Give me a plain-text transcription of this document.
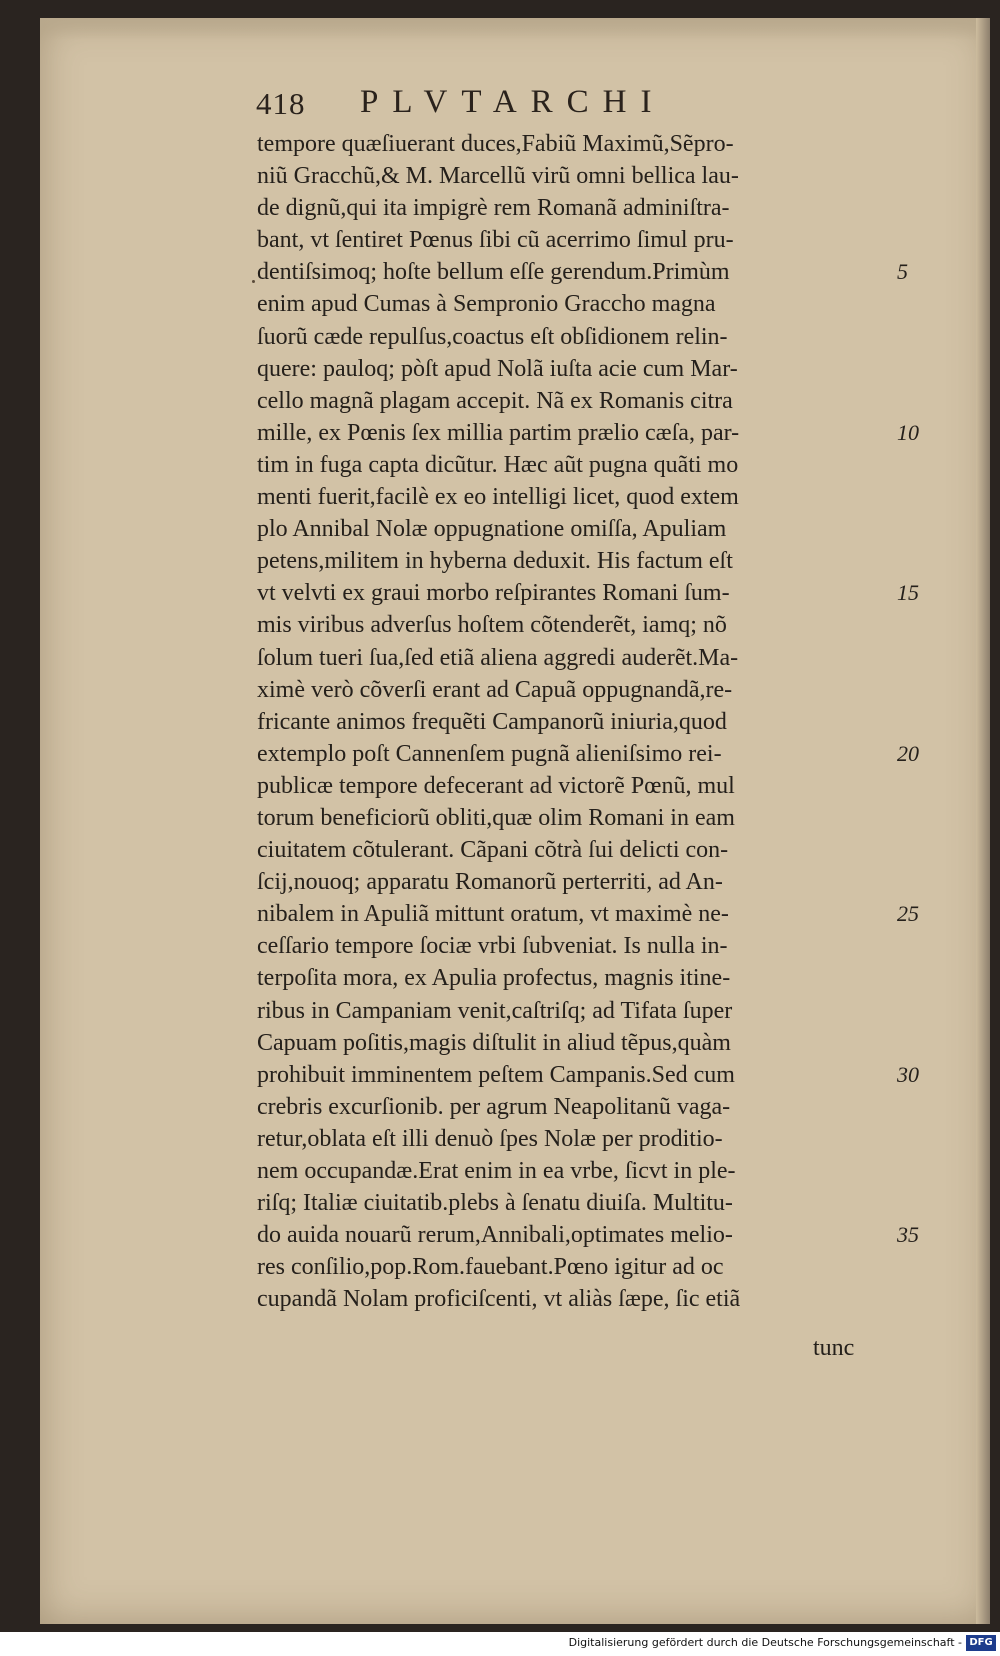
418 PLVTARCHI
tempore quæſiuerant duces,Fabiũ Maximũ,Sẽpro-
niũ Gracchũ,& M. Marcellũ virũ omni bellica lau-
de dignũ,qui ita impigrè rem Romanã adminiſtra-
bant, vt ſentiret Pœnus ſibi cũ acerrimo ſimul pru-
dentiſsimoq; hoſte bellum eſſe gerendum.Primùm	5
enim apud Cumas à Sempronio Graccho magna
ſuorũ cæde repulſus,coactus eſt obſidionem relin-
quere: pauloq; pòſt apud Nolã iuſta acie cum Mar-
cello magnã plagam accepit. Nã ex Romanis citra
mille, ex Pœnis ſex millia partim prælio cæſa, par-	10
tim in fuga capta dicũtur. Hæc aũt pugna quãti mo
menti fuerit,facilè ex eo intelligi licet, quod extem
plo Annibal Nolæ oppugnatione omiſſa, Apuliam
petens,militem in hyberna deduxit. His factum eſt
vt velvti ex graui morbo reſpirantes Romani ſum-	15
mis viribus adverſus hoſtem cõtenderẽt, iamq; nõ
ſolum tueri ſua,ſed etiã aliena aggredi auderẽt.Ma-
ximè verò cõverſi erant ad Capuã oppugnandã,re-
fricante animos frequẽti Campanorũ iniuria,quod
extemplo poſt Cannenſem pugnã alieniſsimo rei-	20
publicæ tempore defecerant ad victorẽ Pœnũ, mul
torum beneficiorũ obliti,quæ olim Romani in eam
ciuitatem cõtulerant. Cãpani cõtrà ſui delicti con-
ſcij,nouoq; apparatu Romanorũ perterriti, ad An-
nibalem in Apuliã mittunt oratum, vt maximè ne-	25
ceſſario tempore ſociæ vrbi ſubveniat. Is nulla in-
terpoſita mora, ex Apulia profectus, magnis itine-
ribus in Campaniam venit,caſtriſq; ad Tifata ſuper
Capuam poſitis,magis diſtulit in aliud tẽpus,quàm
prohibuit imminentem peſtem Campanis.Sed cum	30
crebris excurſionib. per agrum Neapolitanũ vaga-
retur,oblata eſt illi denuò ſpes Nolæ per proditio-
nem occupandæ.Erat enim in ea vrbe, ſicvt in ple-
riſq; Italiæ ciuitatib.plebs à ſenatu diuiſa. Multitu-
do auida nouarũ rerum,Annibali,optimates melio-	35
res conſilio,pop.Rom.fauebant.Pœno igitur ad oc
cupandã Nolam proficiſcenti, vt aliàs ſæpe, ſic etiã
tunc
Digitalisierung gefördert durch die Deutsche Forschungsgemeinschaft - DFG
